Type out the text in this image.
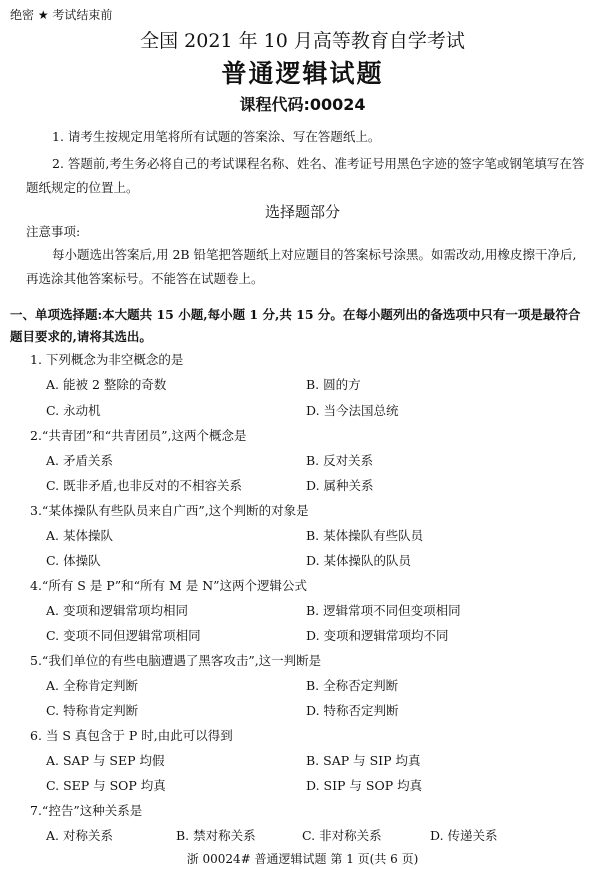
绝密 ★ 考试结束前
全国 2021 年 10 月高等教育自学考试
普通逻辑试题
课程代码:00024
1. 请考生按规定用笔将所有试题的答案涂、写在答题纸上。
2. 答题前,考生务必将自己的考试课程名称、姓名、准考证号用黑色字迹的签字笔或钢笔填写在答题纸规定的位置上。
选择题部分
注意事项:
每小题选出答案后,用 2B 铅笔把答题纸上对应题目的答案标号涂黑。如需改动,用橡皮擦干净后,再选涂其他答案标号。不能答在试题卷上。
一、单项选择题:本大题共 15 小题,每小题 1 分,共 15 分。在每小题列出的备选项中只有一项是最符合题目要求的,请将其选出。
1. 下列概念为非空概念的是
A. 能被 2 整除的奇数	B. 圆的方
C. 永动机	D. 当今法国总统
2.“共青团”和“共青团员”,这两个概念是
A. 矛盾关系	B. 反对关系
C. 既非矛盾,也非反对的不相容关系	D. 属种关系
3.“某体操队有些队员来自广西”,这个判断的对象是
A. 某体操队	B. 某体操队有些队员
C. 体操队	D. 某体操队的队员
4.“所有 S 是 P”和“所有 M 是 N”这两个逻辑公式
A. 变项和逻辑常项均相同	B. 逻辑常项不同但变项相同
C. 变项不同但逻辑常项相同	D. 变项和逻辑常项均不同
5.“我们单位的有些电脑遭遇了黑客攻击”,这一判断是
A. 全称肯定判断	B. 全称否定判断
C. 特称肯定判断	D. 特称否定判断
6. 当 S 真包含于 P 时,由此可以得到
A. SAP 与 SEP 均假	B. SAP 与 SIP 均真
C. SEP 与 SOP 均真	D. SIP 与 SOP 均真
7.“控告”这种关系是
A. 对称关系	B. 禁对称关系	C. 非对称关系	D. 传递关系
浙 00024# 普通逻辑试题 第 1 页(共 6 页)
